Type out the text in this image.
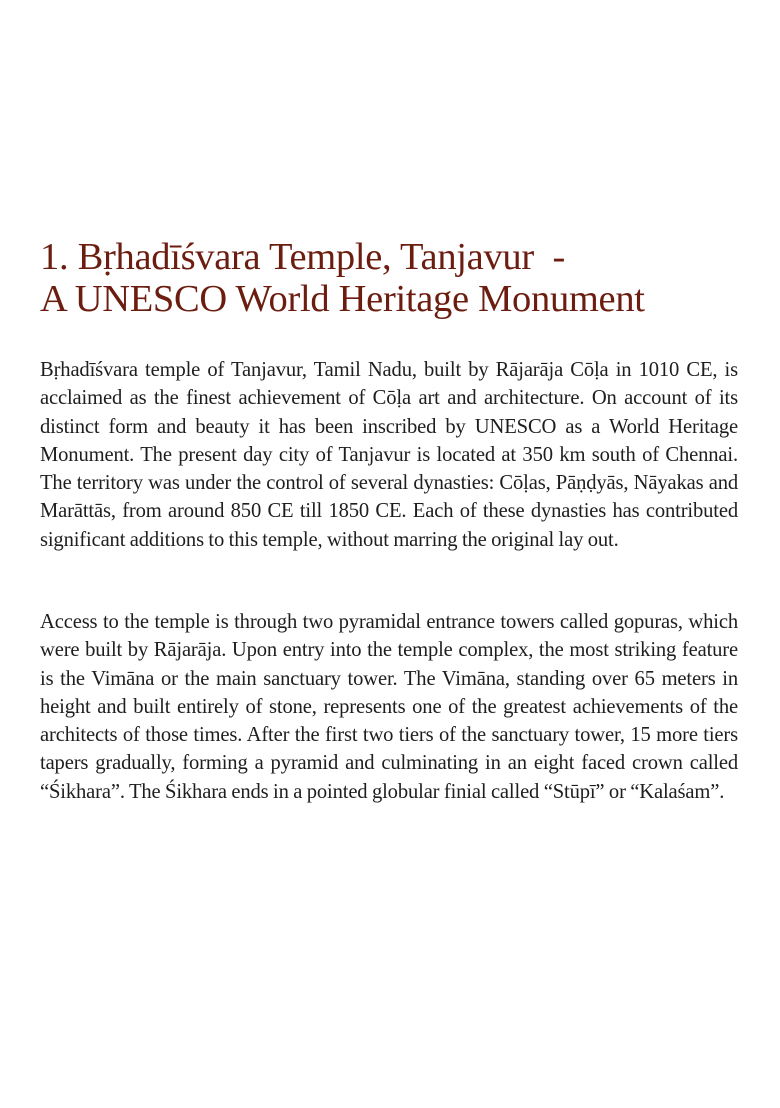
1. Bṛhadīśvara Temple, Tanjavur  -
A UNESCO World Heritage Monument

Bṛhadīśvara temple of Tanjavur, Tamil Nadu, built by Rājarāja Cōḷa in 1010 CE, is acclaimed as the finest achievement of Cōḷa art and architecture. On account of its distinct form and beauty it has been inscribed by UNESCO as a World Heritage Monument. The present day city of Tanjavur is located at 350 km south of Chennai. The territory was under the control of several dynasties: Cōḷas, Pāṇḍyās, Nāyakas and Marāttās, from around 850 CE till 1850 CE. Each of these dynasties has contributed significant additions to this temple, without marring the original lay out.

Access to the temple is through two pyramidal entrance towers called gopuras, which were built by Rājarāja. Upon entry into the temple complex, the most striking feature is the Vimāna or the main sanctuary tower. The Vimāna, standing over 65 meters in height and built entirely of stone, represents one of the greatest achievements of the architects of those times. After the first two tiers of the sanctuary tower, 15 more tiers tapers gradually, forming a pyramid and culminating in an eight faced crown called “Śikhara”. The Śikhara ends in a pointed globular finial called “Stūpī” or “Kalaśam”.
